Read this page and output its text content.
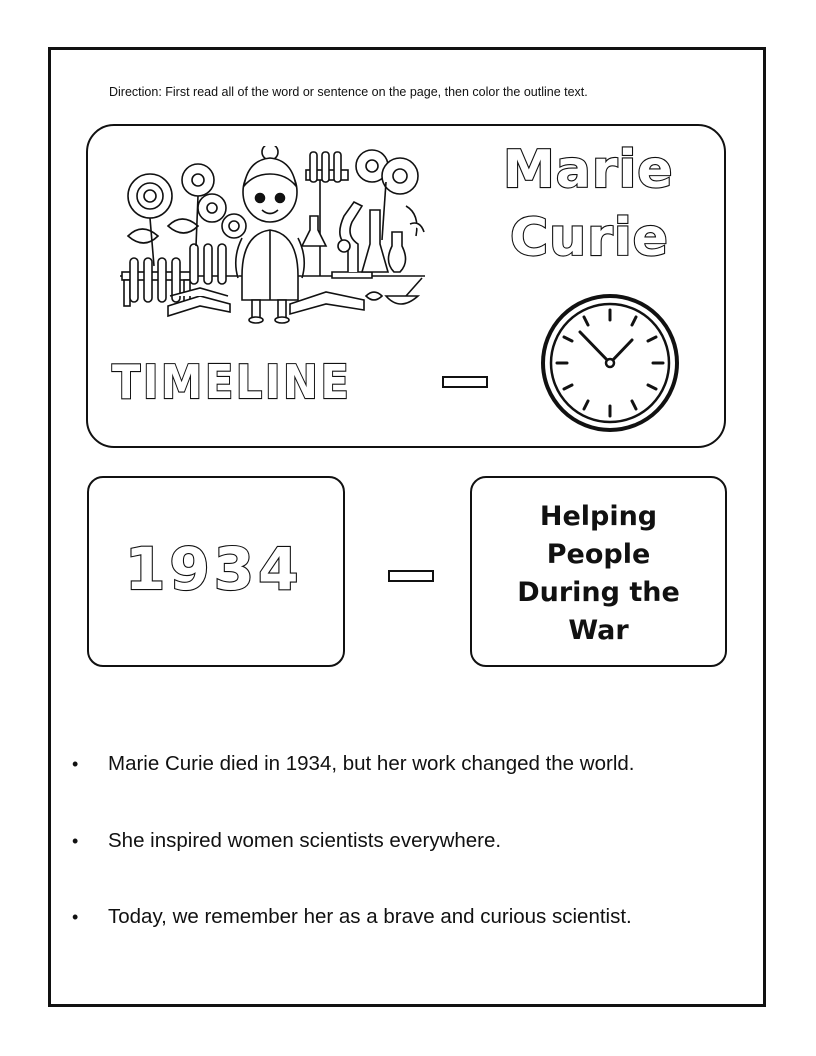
Direction: First read all of the word or sentence on the page, then color the outline text.
Marie
Curie
TIMELINE
1934
Helping
People
During the
War
• Marie Curie died in 1934, but her work changed the world.
• She inspired women scientists everywhere.
• Today, we remember her as a brave and curious scientist.
